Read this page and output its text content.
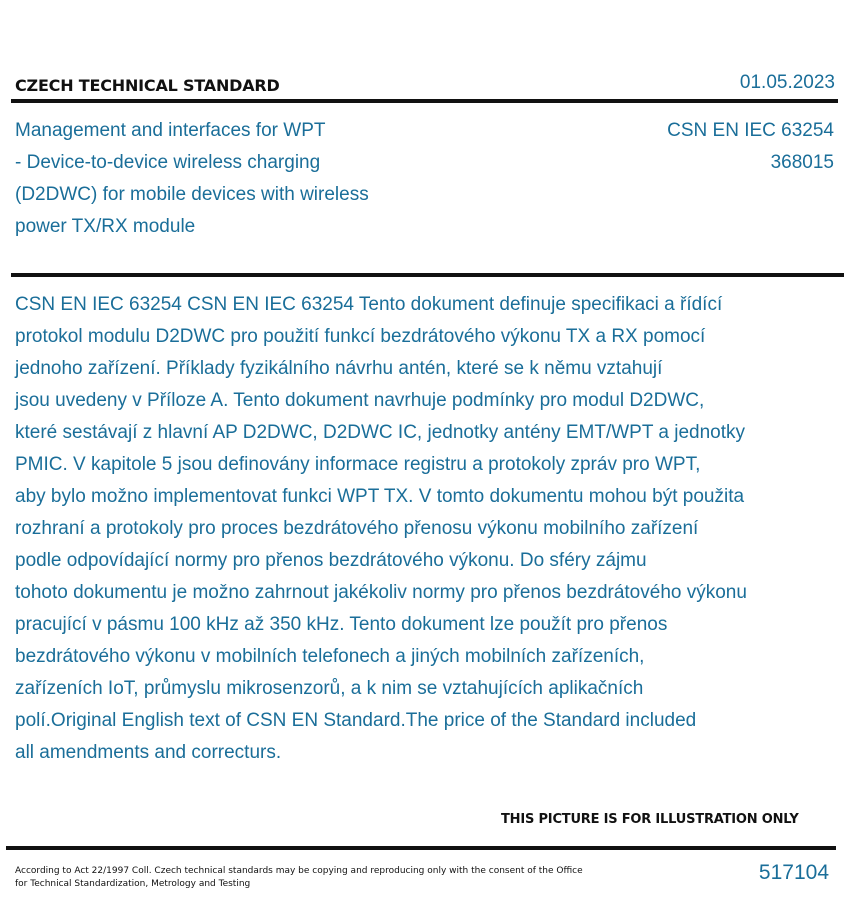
CZECH TECHNICAL STANDARD	01.05.2023
Management and interfaces for WPT
- Device-to-device wireless charging
(D2DWC) for mobile devices with wireless
power TX/RX module
CSN EN IEC 63254
368015
CSN EN IEC 63254 CSN EN IEC 63254 Tento dokument definuje specifikaci a řídící
protokol modulu D2DWC pro použití funkcí bezdrátového výkonu TX a RX pomocí
jednoho zařízení. Příklady fyzikálního návrhu antén, které se k němu vztahují
jsou uvedeny v Příloze A. Tento dokument navrhuje podmínky pro modul D2DWC,
které sestávají z hlavní AP D2DWC, D2DWC IC, jednotky antény EMT/WPT a jednotky
PMIC. V kapitole 5 jsou definovány informace registru a protokoly zpráv pro WPT,
aby bylo možno implementovat funkci WPT TX. V tomto dokumentu mohou být použita
rozhraní a protokoly pro proces bezdrátového přenosu výkonu mobilního zařízení
podle odpovídající normy pro přenos bezdrátového výkonu. Do sféry zájmu
tohoto dokumentu je možno zahrnout jakékoliv normy pro přenos bezdrátového výkonu
pracující v pásmu 100 kHz až 350 kHz. Tento dokument lze použít pro přenos
bezdrátového výkonu v mobilních telefonech a jiných mobilních zařízeních,
zařízeních IoT, průmyslu mikrosenzorů, a k nim se vztahujících aplikačních
polí.Original English text of CSN EN Standard.The price of the Standard included
all amendments and correcturs.
THIS PICTURE IS FOR ILLUSTRATION ONLY
According to Act 22/1997 Coll. Czech technical standards may be copying and reproducing only with the consent of the Office
for Technical Standardization, Metrology and Testing	517104
